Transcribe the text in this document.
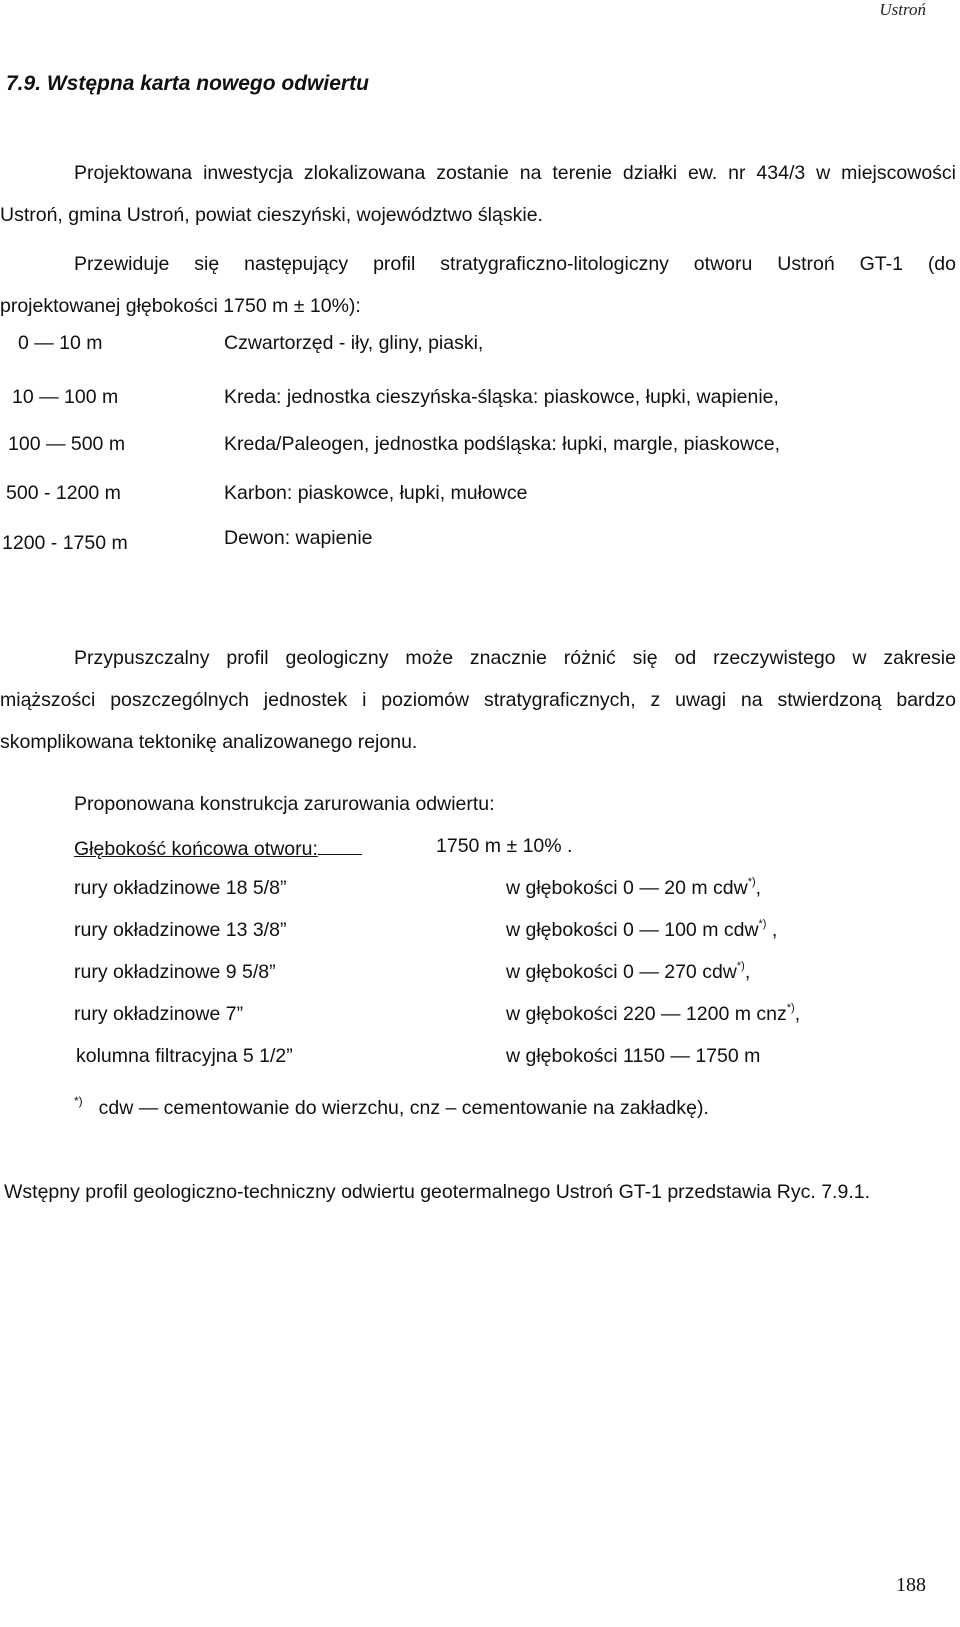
Ustroń
7.9. Wstępna karta nowego odwiertu
Projektowana inwestycja zlokalizowana zostanie na terenie działki ew. nr 434/3 w miejscowości
Ustroń, gmina Ustroń, powiat cieszyński, województwo śląskie.
Przewiduje się następujący profil stratygraficzno-litologiczny otworu Ustroń GT-1 (do
projektowanej głębokości 1750 m ± 10%):
0 — 10 m	Czwartorzęd - iły, gliny, piaski,
10 — 100 m	Kreda: jednostka cieszyńska-śląska: piaskowce, łupki, wapienie,
100 — 500 m	Kreda/Paleogen, jednostka podśląska: łupki, margle, piaskowce,
500 - 1200 m	Karbon: piaskowce, łupki, mułowce
1200 - 1750 m	Dewon: wapienie
Przypuszczalny profil geologiczny może znacznie różnić się od rzeczywistego w zakresie
miąższości poszczególnych jednostek i poziomów stratygraficznych, z uwagi na stwierdzoną bardzo
skomplikowana tektonikę analizowanego rejonu.
Proponowana konstrukcja zarurowania odwiertu:
Głębokość końcowa otworu:	1750 m ± 10% .
rury okładzinowe 18 5/8”	w głębokości 0 — 20 m cdw*),
rury okładzinowe 13 3/8”	w głębokości 0 — 100 m cdw*) ,
rury okładzinowe 9 5/8”	w głębokości 0 — 270 cdw*),
rury okładzinowe 7”	w głębokości 220 — 1200 m cnz*),
kolumna filtracyjna 5 1/2”	w głębokości 1150 — 1750 m
*) cdw — cementowanie do wierzchu, cnz – cementowanie na zakładkę).
Wstępny profil geologiczno-techniczny odwiertu geotermalnego Ustroń GT-1 przedstawia Ryc. 7.9.1.
188
